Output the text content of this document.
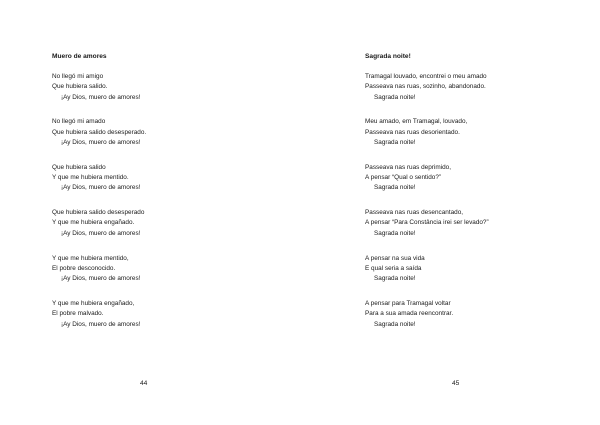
Muero de amores
No llegó mi amigo
Que hubiera salido.
¡Ay Dios, muero de amores!
No llegó mi amado
Que hubiera salido desesperado.
¡Ay Dios, muero de amores!
Que hubiera salido
Y que me hubiera mentido.
¡Ay Dios, muero de amores!
Que hubiera salido desesperado
Y que me hubiera engañado.
¡Ay Dios, muero de amores!
Y que me hubiera mentido,
El pobre desconocido.
¡Ay Dios, muero de amores!
Y que me hubiera engañado,
El pobre malvado.
¡Ay Dios, muero de amores!
44
Sagrada noite!
Tramagal louvado, encontrei o meu amado
Passeava nas ruas, sozinho, abandonado.
Sagrada noite!
Meu amado, em Tramagal, louvado,
Passeava nas ruas desorientado.
Sagrada noite!
Passeava nas ruas deprimido,
A pensar “Qual o sentido?”
Sagrada noite!
Passeava nas ruas desencantado,
A pensar “Para Constância irei ser levado?”
Sagrada noite!
A pensar na sua vida
E qual seria a saída
Sagrada noite!
A pensar para Tramagal voltar
Para a sua amada reencontrar.
Sagrada noite!
45
